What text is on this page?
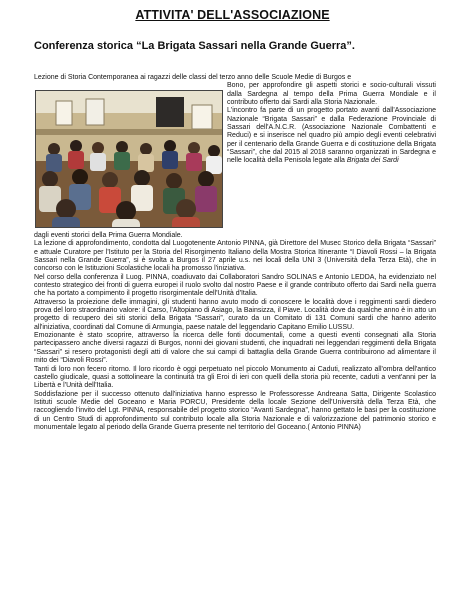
ATTIVITA' DELL'ASSOCIAZIONE
Conferenza storica “La Brigata Sassari nella Grande Guerra”.
Lezione di Storia Contemporanea ai ragazzi delle classi del terzo anno delle Scuole Medie di Burgos e

Bono, per approfondire gli aspetti storici e socio-culturali vissuti dalla Sardegna al tempo della Prima Guerra Mondiale e il contributo offerto dai Sardi alla Storia Nazionale.

L'incontro fa parte di un progetto portato avanti dall'Associazione Nazionale “Brigata Sassari” e dalla Federazione Provinciale di Sassari dell'A.N.C.R. (Associazione Nazionale Combattenti e Reduci) e si inserisce nel quadro più ampio degli eventi celebrativi per il centenario della Grande Guerra e di costituzione della Brigata “Sassari”, che dal 2015 al 2018 saranno organizzati in Sardegna e nelle località della Penisola legate alla Brigata dei Sardi

dagli eventi storici della Prima Guerra Mondiale.

La lezione di approfondimento, condotta dal Luogotenente Antonio PINNA, già Direttore del Musec Storico della Brigata “Sassari” e attuale Curatore per l'Istituto per la Storia del Risorgimento Italiano della Mostra Storica Itinerante “I Diavoli Rossi – la Brigata Sassari nella Grande Guerra”, si è svolta a Burgos il 27 aprile u.s. nei locali della UNI 3 (Università della Terza Età), che in concorso con le Istituzioni Scolastiche locali ha promosso l'iniziativa.

Nel corso della conferenza il Luog. PINNA, coadiuvato dai Collaboratori Sandro SOLINAS e Antonio LEDDA, ha evidenziato nel contesto strategico dei fronti di guerra europei il ruolo svolto dal nostro Paese e il grande contributo offerto dai Sardi nella guerra che ha portato a compimento il progetto risorgimentale dell'Unità d'Italia.

Attraverso la proiezione delle immagini, gli studenti hanno avuto modo di conoscere le località dove i reggimenti sardi diedero prova del loro straordinario valore: il Carso, l'Altopiano di Asiago, la Bainsizza, il Piave. Località dove da qualche anno è in atto un progetto di recupero dei siti storici della Brigata “Sassari”, curato da un Comitato di 131 Comuni sardi che hanno aderito all'iniziativa, coordinati dal Comune di Armungia, paese natale del leggendario Capitano Emilio LUSSU.

Emozionante è stato scoprire, attraverso la ricerca delle fonti documentali, come a questi eventi consegnati alla Storia partecipassero anche diversi ragazzi di Burgos, nonni dei giovani studenti, che inquadrati nei leggendari reggimenti della Brigata “Sassari” si resero protagonisti degli atti di valore che sui campi di battaglia della Grande Guerra contribuirono ad alimentare il mito dei “Diavoli Rossi”.

Tanti di loro non fecero ritorno. Il loro ricordo è oggi perpetuato nel piccolo Monumento ai Caduti, realizzato all'ombra dell'antico castello giudicale, quasi a sottolineare la continuità tra gli Eroi di ieri con quelli della storia più recente, caduti a vent'anni per la Libertà e l'Unità dell'Italia.

Soddisfazione per il successo ottenuto dall'iniziativa hanno espresso le Professoresse Andreana Satta, Dirigente Scolastico Istituti scuole Medie del Goceano e Maria PORCU, Presidente della locale Sezione dell'Università della Terza Età, che raccogliendo l'invito del Lgt. PINNA, responsabile del progetto storico “Avanti Sardegna”, hanno gettato le basi per la costituzione di un Centro Studi di approfondimento sul contributo locale alla Storia Nazionale e di valorizzazione del patrimonio storico e monumentale legato al periodo della Grande Guerra presente nel territorio del Goceano.( Antonio PINNA)
